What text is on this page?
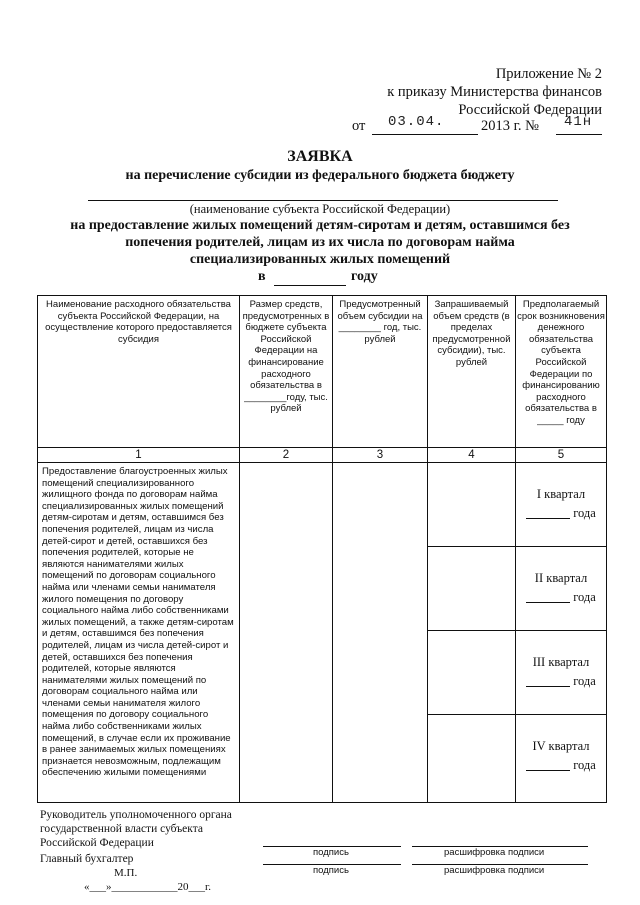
Приложение № 2
к приказу Министерства финансов
Российской Федерации
от 03.04.	2013 г. № 41н
ЗАЯВКА
на перечисление субсидии из федерального бюджета бюджету
(наименование субъекта Российской Федерации)
на предоставление жилых помещений детям-сиротам и детям, оставшимся без
попечения родителей, лицам из их числа по договорам найма
специализированных жилых помещений
в	году
Наименование расходного обязательства субъекта Российской Федерации, на осуществление которого предоставляется субсидия	Размер средств, предусмотренных в бюджете субъекта Российской Федерации на финансирование расходного обязательства в ________году, тыс. рублей	Предусмотренный объем субсидии на ________ год, тыс. рублей	Запрашиваемый объем средств (в пределах предусмотренной субсидии), тыс. рублей	Предполагаемый срок возникновения денежного обязательства субъекта Российской Федерации по финансированию расходного обязательства в _____ году
1	2	3	4	5
Предоставление благоустроенных жилых помещений специализированного жилищного фонда по договорам найма специализированных жилых помещений детям-сиротам и детям, оставшимся без попечения родителей, лицам из числа детей-сирот и детей, оставшихся без попечения родителей, которые не являются нанимателями жилых помещений по договорам социального найма или членами семьи нанимателя жилого помещения по договору социального найма либо собственниками жилых помещений, а также детям-сиротам и детям, оставшимся без попечения родителей, лицам из числа детей-сирот и детей, оставшихся без попечения родителей, которые являются нанимателями жилых помещений по договорам социального найма или членами семьи нанимателя жилого помещения по договору социального найма либо собственниками жилых помещений, в случае если их проживание в ранее занимаемых жилых помещениях признается невозможным, подлежащим обеспечению жилыми помещениями				I квартал
года

				II квартал
года

				III квартал
года

				IV квартал
года
Руководитель уполномоченного органа
государственной власти субъекта
Российской Федерации
подпись	расшифровка подписи
Главный бухгалтер
подпись	расшифровка подписи
М.П.
«___»____________20___г.
